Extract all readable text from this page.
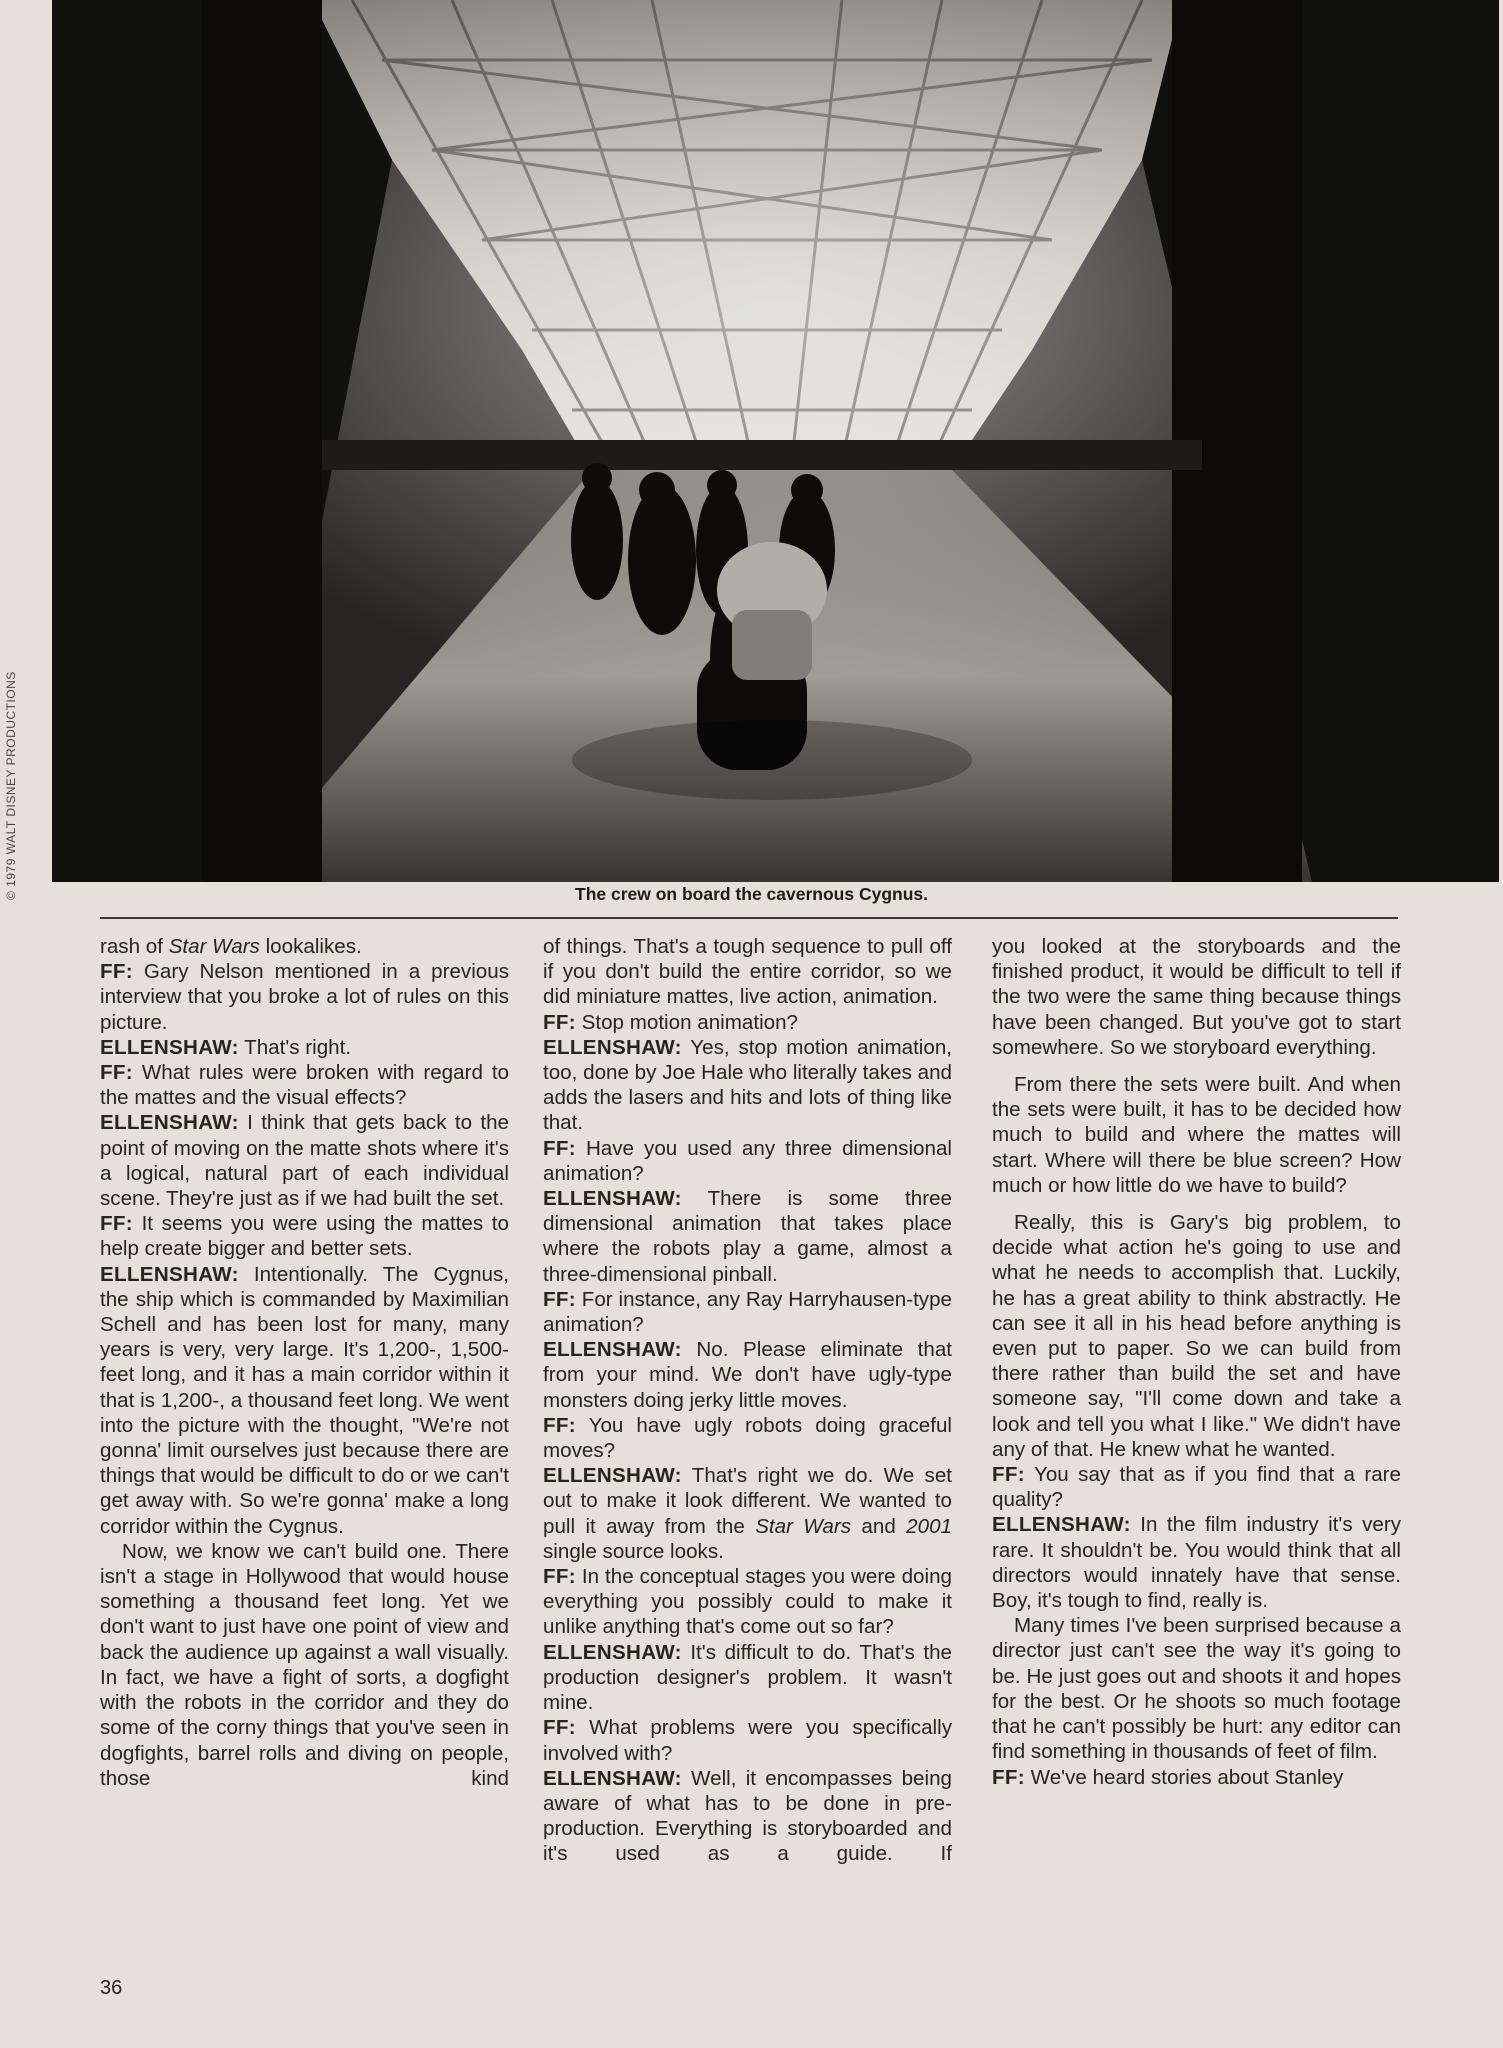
© 1979 WALT DISNEY PRODUCTIONS	The crew on board the cavernous Cygnus.

rash of Star Wars lookalikes.

FF: Gary Nelson mentioned in a previous interview that you broke a lot of rules on this picture.

ELLENSHAW: That's right.

FF: What rules were broken with regard to the mattes and the visual effects?

ELLENSHAW: I think that gets back to the point of moving on the matte shots where it's a logical, natural part of each individual scene. They're just as if we had built the set.

FF: It seems you were using the mattes to help create bigger and better sets.

ELLENSHAW: Intentionally. The Cygnus, the ship which is commanded by Maximilian Schell and has been lost for many, many years is very, very large. It's 1,200-, 1,500-feet long, and it has a main corridor within it that is 1,200-, a thousand feet long. We went into the picture with the thought, "We're not gonna' limit ourselves just because there are things that would be difficult to do or we can't get away with. So we're gonna' make a long corridor within the Cygnus.

Now, we know we can't build one. There isn't a stage in Hollywood that would house something a thousand feet long. Yet we don't want to just have one point of view and back the audience up against a wall visually. In fact, we have a fight of sorts, a dogfight with the robots in the corridor and they do some of the corny things that you've seen in dogfights, barrel rolls and diving on people, those kind

of things. That's a tough sequence to pull off if you don't build the entire corridor, so we did miniature mattes, live action, animation.

FF: Stop motion animation?

ELLENSHAW: Yes, stop motion animation, too, done by Joe Hale who literally takes and adds the lasers and hits and lots of thing like that.

FF: Have you used any three dimensional animation?

ELLENSHAW: There is some three dimensional animation that takes place where the robots play a game, almost a three-dimensional pinball.

FF: For instance, any Ray Harryhausen-type animation?

ELLENSHAW: No. Please eliminate that from your mind. We don't have ugly-type monsters doing jerky little moves.

FF: You have ugly robots doing graceful moves?

ELLENSHAW: That's right we do. We set out to make it look different. We wanted to pull it away from the Star Wars and 2001 single source looks.

FF: In the conceptual stages you were doing everything you possibly could to make it unlike anything that's come out so far?

ELLENSHAW: It's difficult to do. That's the production designer's problem. It wasn't mine.

FF: What problems were you specifically involved with?

ELLENSHAW: Well, it encompasses being aware of what has to be done in pre-production. Everything is storyboarded and it's used as a guide. If

you looked at the storyboards and the finished product, it would be difficult to tell if the two were the same thing because things have been changed. But you've got to start somewhere. So we storyboard everything.

From there the sets were built. And when the sets were built, it has to be decided how much to build and where the mattes will start. Where will there be blue screen? How much or how little do we have to build?

Really, this is Gary's big problem, to decide what action he's going to use and what he needs to accomplish that. Luckily, he has a great ability to think abstractly. He can see it all in his head before anything is even put to paper. So we can build from there rather than build the set and have someone say, "I'll come down and take a look and tell you what I like." We didn't have any of that. He knew what he wanted.

FF: You say that as if you find that a rare quality?

ELLENSHAW: In the film industry it's very rare. It shouldn't be. You would think that all directors would innately have that sense. Boy, it's tough to find, really is.

Many times I've been surprised because a director just can't see the way it's going to be. He just goes out and shoots it and hopes for the best. Or he shoots so much footage that he can't possibly be hurt: any editor can find something in thousands of feet of film.

FF: We've heard stories about Stanley

36
